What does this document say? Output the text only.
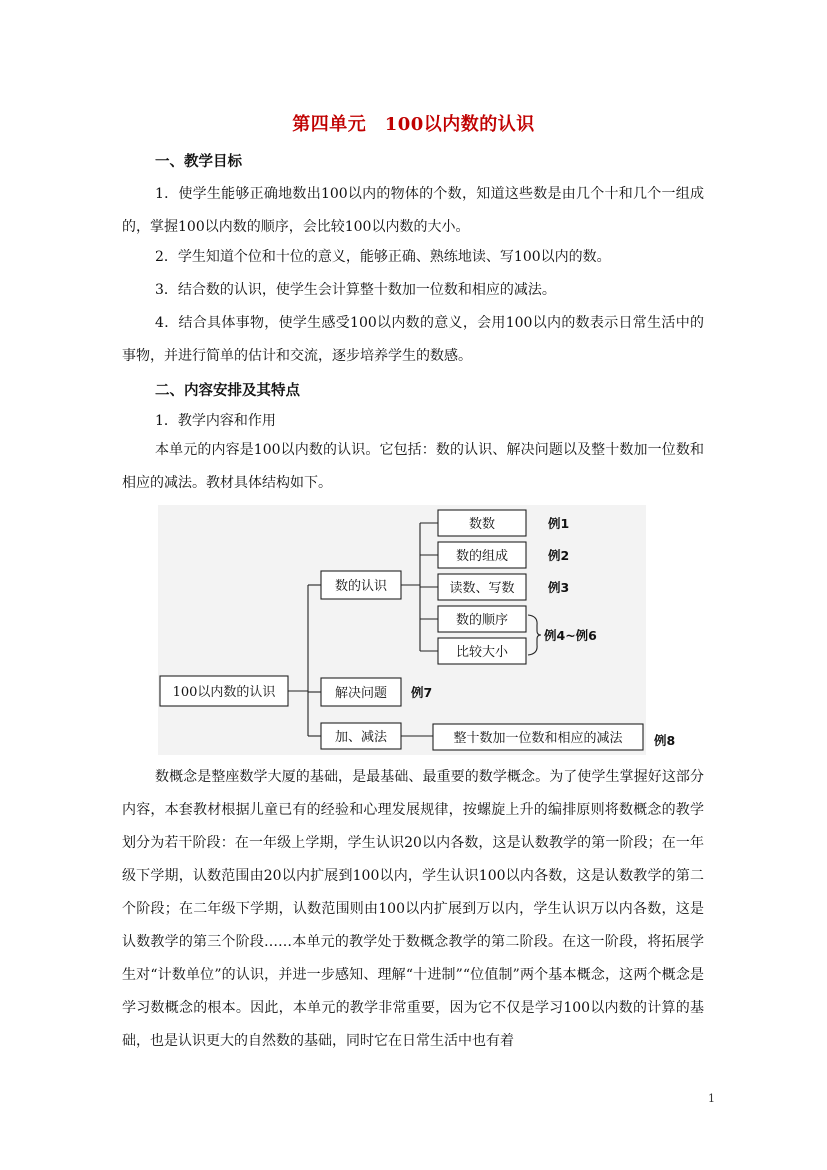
第四单元　100以内数的认识
一、教学目标

1．使学生能够正确地数出100以内的物体的个数，知道这些数是由几个十和几个一组成的，掌握100以内数的顺序，会比较100以内数的大小。

2．学生知道个位和十位的意义，能够正确、熟练地读、写100以内的数。

3．结合数的认识，使学生会计算整十数加一位数和相应的减法。

4．结合具体事物，使学生感受100以内数的意义，会用100以内的数表示日常生活中的事物，并进行简单的估计和交流，逐步培养学生的数感。

二、内容安排及其特点
1．教学内容和作用

本单元的内容是100以内数的认识。它包括：数的认识、解决问题以及整十数加一位数和相应的减法。教材具体结构如下。

100以内数的认识
数的认识
解决问题
加、减法
数数
数的组成
读数、写数
数的顺序
比较大小
整十数加一位数和相应的减法
例1
例2
例3
例4~例6
例7
例8

数概念是整座数学大厦的基础，是最基础、最重要的数学概念。为了使学生掌握好这部分内容，本套教材根据儿童已有的经验和心理发展规律，按螺旋上升的编排原则将数概念的教学划分为若干阶段：在一年级上学期，学生认识20以内各数，这是认数教学的第一阶段；在一年级下学期，认数范围由20以内扩展到100以内，学生认识100以内各数，这是认数教学的第二个阶段；在二年级下学期，认数范围则由100以内扩展到万以内，学生认识万以内各数，这是认数教学的第三个阶段……本单元的教学处于数概念教学的第二阶段。在这一阶段，将拓展学生对“计数单位”的认识，并进一步感知、理解“十进制”“位值制”两个基本概念，这两个概念是学习数概念的根本。因此，本单元的教学非常重要，因为它不仅是学习100以内数的计算的基础，也是认识更大的自然数的基础，同时它在日常生活中也有着

1
